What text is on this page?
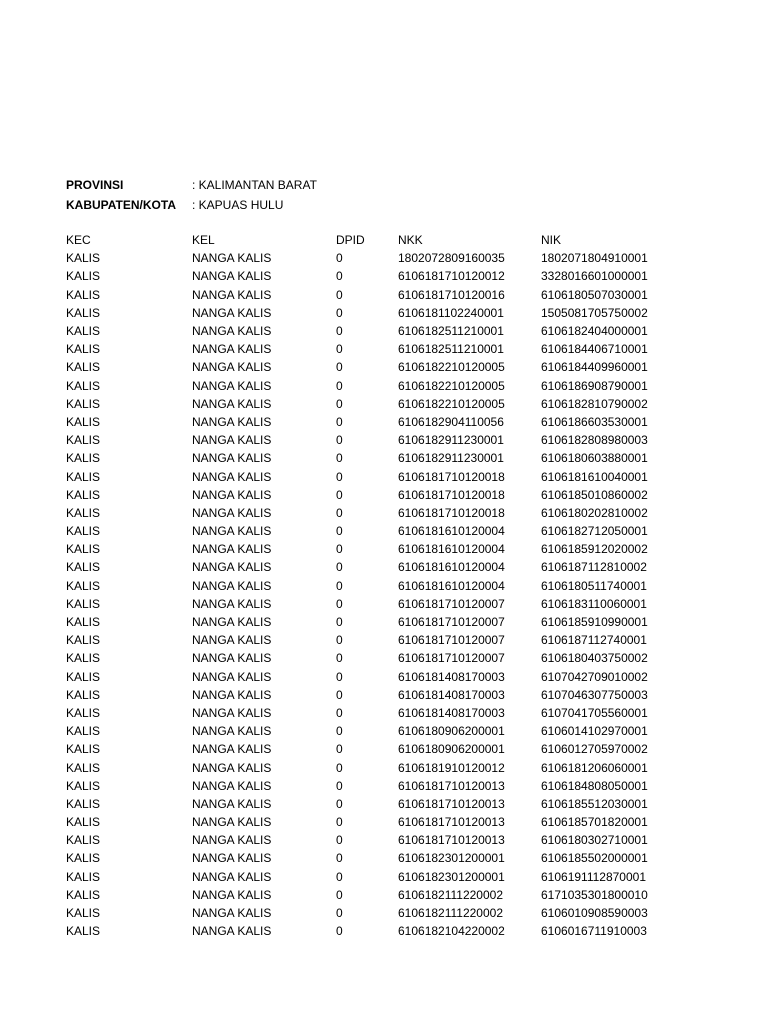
PROVINSI	: KALIMANTAN BARAT
KABUPATEN/KOTA	: KAPUAS HULU
KEC	KEL	DPID	NKK	NIK
KALIS	NANGA KALIS	0	1802072809160035	1802071804910001
KALIS	NANGA KALIS	0	6106181710120012	3328016601000001
KALIS	NANGA KALIS	0	6106181710120016	6106180507030001
KALIS	NANGA KALIS	0	6106181102240001	1505081705750002
KALIS	NANGA KALIS	0	6106182511210001	6106182404000001
KALIS	NANGA KALIS	0	6106182511210001	6106184406710001
KALIS	NANGA KALIS	0	6106182210120005	6106184409960001
KALIS	NANGA KALIS	0	6106182210120005	6106186908790001
KALIS	NANGA KALIS	0	6106182210120005	6106182810790002
KALIS	NANGA KALIS	0	6106182904110056	6106186603530001
KALIS	NANGA KALIS	0	6106182911230001	6106182808980003
KALIS	NANGA KALIS	0	6106182911230001	6106180603880001
KALIS	NANGA KALIS	0	6106181710120018	6106181610040001
KALIS	NANGA KALIS	0	6106181710120018	6106185010860002
KALIS	NANGA KALIS	0	6106181710120018	6106180202810002
KALIS	NANGA KALIS	0	6106181610120004	6106182712050001
KALIS	NANGA KALIS	0	6106181610120004	6106185912020002
KALIS	NANGA KALIS	0	6106181610120004	6106187112810002
KALIS	NANGA KALIS	0	6106181610120004	6106180511740001
KALIS	NANGA KALIS	0	6106181710120007	6106183110060001
KALIS	NANGA KALIS	0	6106181710120007	6106185910990001
KALIS	NANGA KALIS	0	6106181710120007	6106187112740001
KALIS	NANGA KALIS	0	6106181710120007	6106180403750002
KALIS	NANGA KALIS	0	6106181408170003	6107042709010002
KALIS	NANGA KALIS	0	6106181408170003	6107046307750003
KALIS	NANGA KALIS	0	6106181408170003	6107041705560001
KALIS	NANGA KALIS	0	6106180906200001	6106014102970001
KALIS	NANGA KALIS	0	6106180906200001	6106012705970002
KALIS	NANGA KALIS	0	6106181910120012	6106181206060001
KALIS	NANGA KALIS	0	6106181710120013	6106184808050001
KALIS	NANGA KALIS	0	6106181710120013	6106185512030001
KALIS	NANGA KALIS	0	6106181710120013	6106185701820001
KALIS	NANGA KALIS	0	6106181710120013	6106180302710001
KALIS	NANGA KALIS	0	6106182301200001	6106185502000001
KALIS	NANGA KALIS	0	6106182301200001	6106191112870001
KALIS	NANGA KALIS	0	6106182111220002	6171035301800010
KALIS	NANGA KALIS	0	6106182111220002	6106010908590003
KALIS	NANGA KALIS	0	6106182104220002	6106016711910003
